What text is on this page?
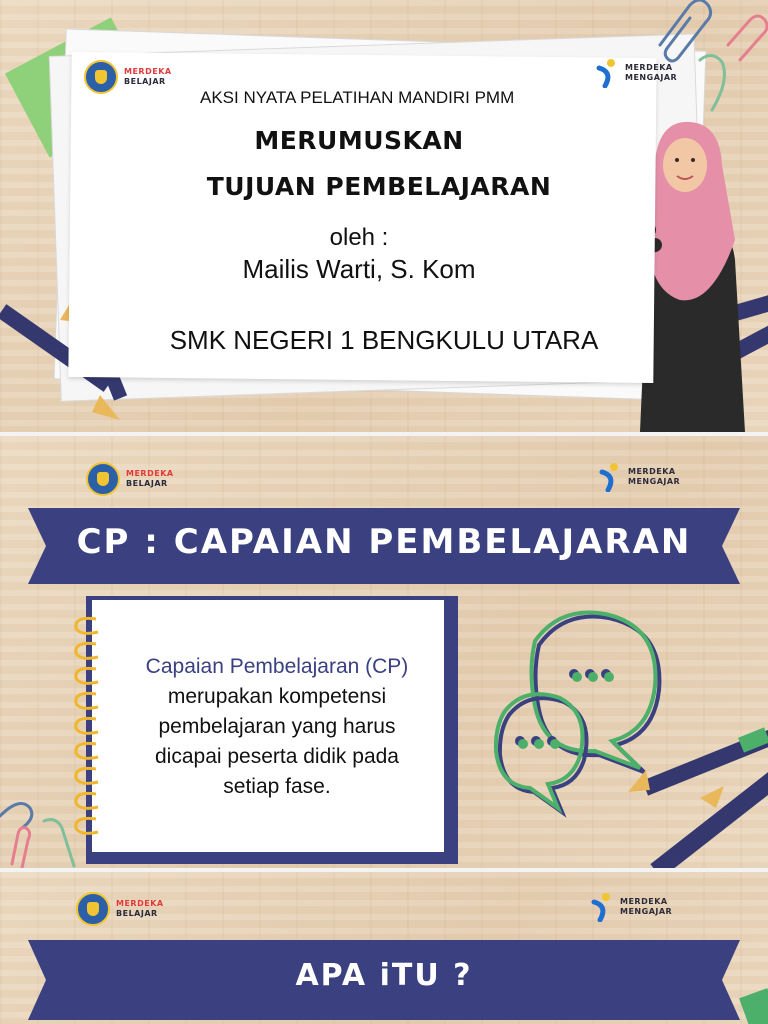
MERDEKA
BELAJAR
MERDEKA
MENGAJAR
AKSI NYATA PELATIHAN MANDIRI PMM
MERUMUSKAN
TUJUAN PEMBELAJARAN
oleh :
Mailis Warti, S. Kom
SMK NEGERI 1 BENGKULU UTARA
MERDEKA
BELAJAR
MERDEKA
MENGAJAR
CP : CAPAIAN PEMBELAJARAN
Capaian Pembelajaran (CP)
merupakan kompetensi
pembelajaran yang harus
dicapai peserta didik pada
setiap fase.
MERDEKA
BELAJAR
MERDEKA
MENGAJAR
APA iTU ?
